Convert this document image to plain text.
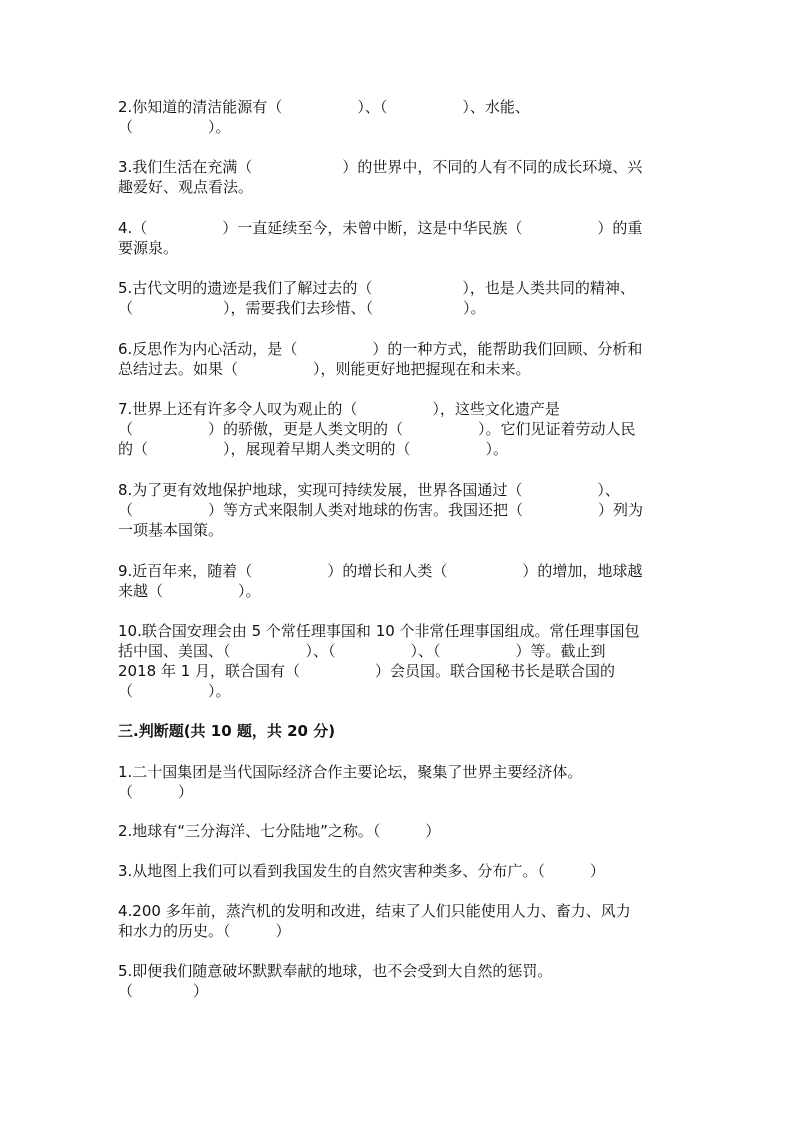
2.你知道的清洁能源有（　　　　　）、（　　　　　）、水能、
（　　　　　）。
3.我们生活在充满（　　　　　　）的世界中，不同的人有不同的成长环境、兴
趣爱好、观点看法。
4.（　　　　　）一直延续至今，未曾中断，这是中华民族（　　　　　）的重
要源泉。
5.古代文明的遗迹是我们了解过去的（　　　　　　），也是人类共同的精神、
（　　　　　　），需要我们去珍惜、（　　　　　　）。
6.反思作为内心活动，是（　　　　　）的一种方式，能帮助我们回顾、分析和
总结过去。如果（　　　　　），则能更好地把握现在和未来。
7.世界上还有许多令人叹为观止的（　　　　　），这些文化遗产是
（　　　　　）的骄傲，更是人类文明的（　　　　　）。它们见证着劳动人民
的（　　　　　），展现着早期人类文明的（　　　　　）。
8.为了更有效地保护地球，实现可持续发展，世界各国通过（　　　　　）、
（　　　　　）等方式来限制人类对地球的伤害。我国还把（　　　　　）列为
一项基本国策。
9.近百年来，随着（　　　　　）的增长和人类（　　　　　）的增加，地球越
来越（　　　　　）。
10.联合国安理会由 5 个常任理事国和 10 个非常任理事国组成。常任理事国包
括中国、美国、（　　　　　）、（　　　　　）、（　　　　　）等。截止到
2018 年 1 月，联合国有（　　　　　）会员国。联合国秘书长是联合国的
（　　　　　）。
三.判断题(共 10 题，共 20 分)
1.二十国集团是当代国际经济合作主要论坛，聚集了世界主要经济体。
（　　　）
2.地球有“三分海洋、七分陆地”之称。（　　　）
3.从地图上我们可以看到我国发生的自然灾害种类多、分布广。（　　　）
4.200 多年前，蒸汽机的发明和改进，结束了人们只能使用人力、畜力、风力
和水力的历史。（　　　）
5.即便我们随意破坏默默奉献的地球，也不会受到大自然的惩罚。
（　　　　）
